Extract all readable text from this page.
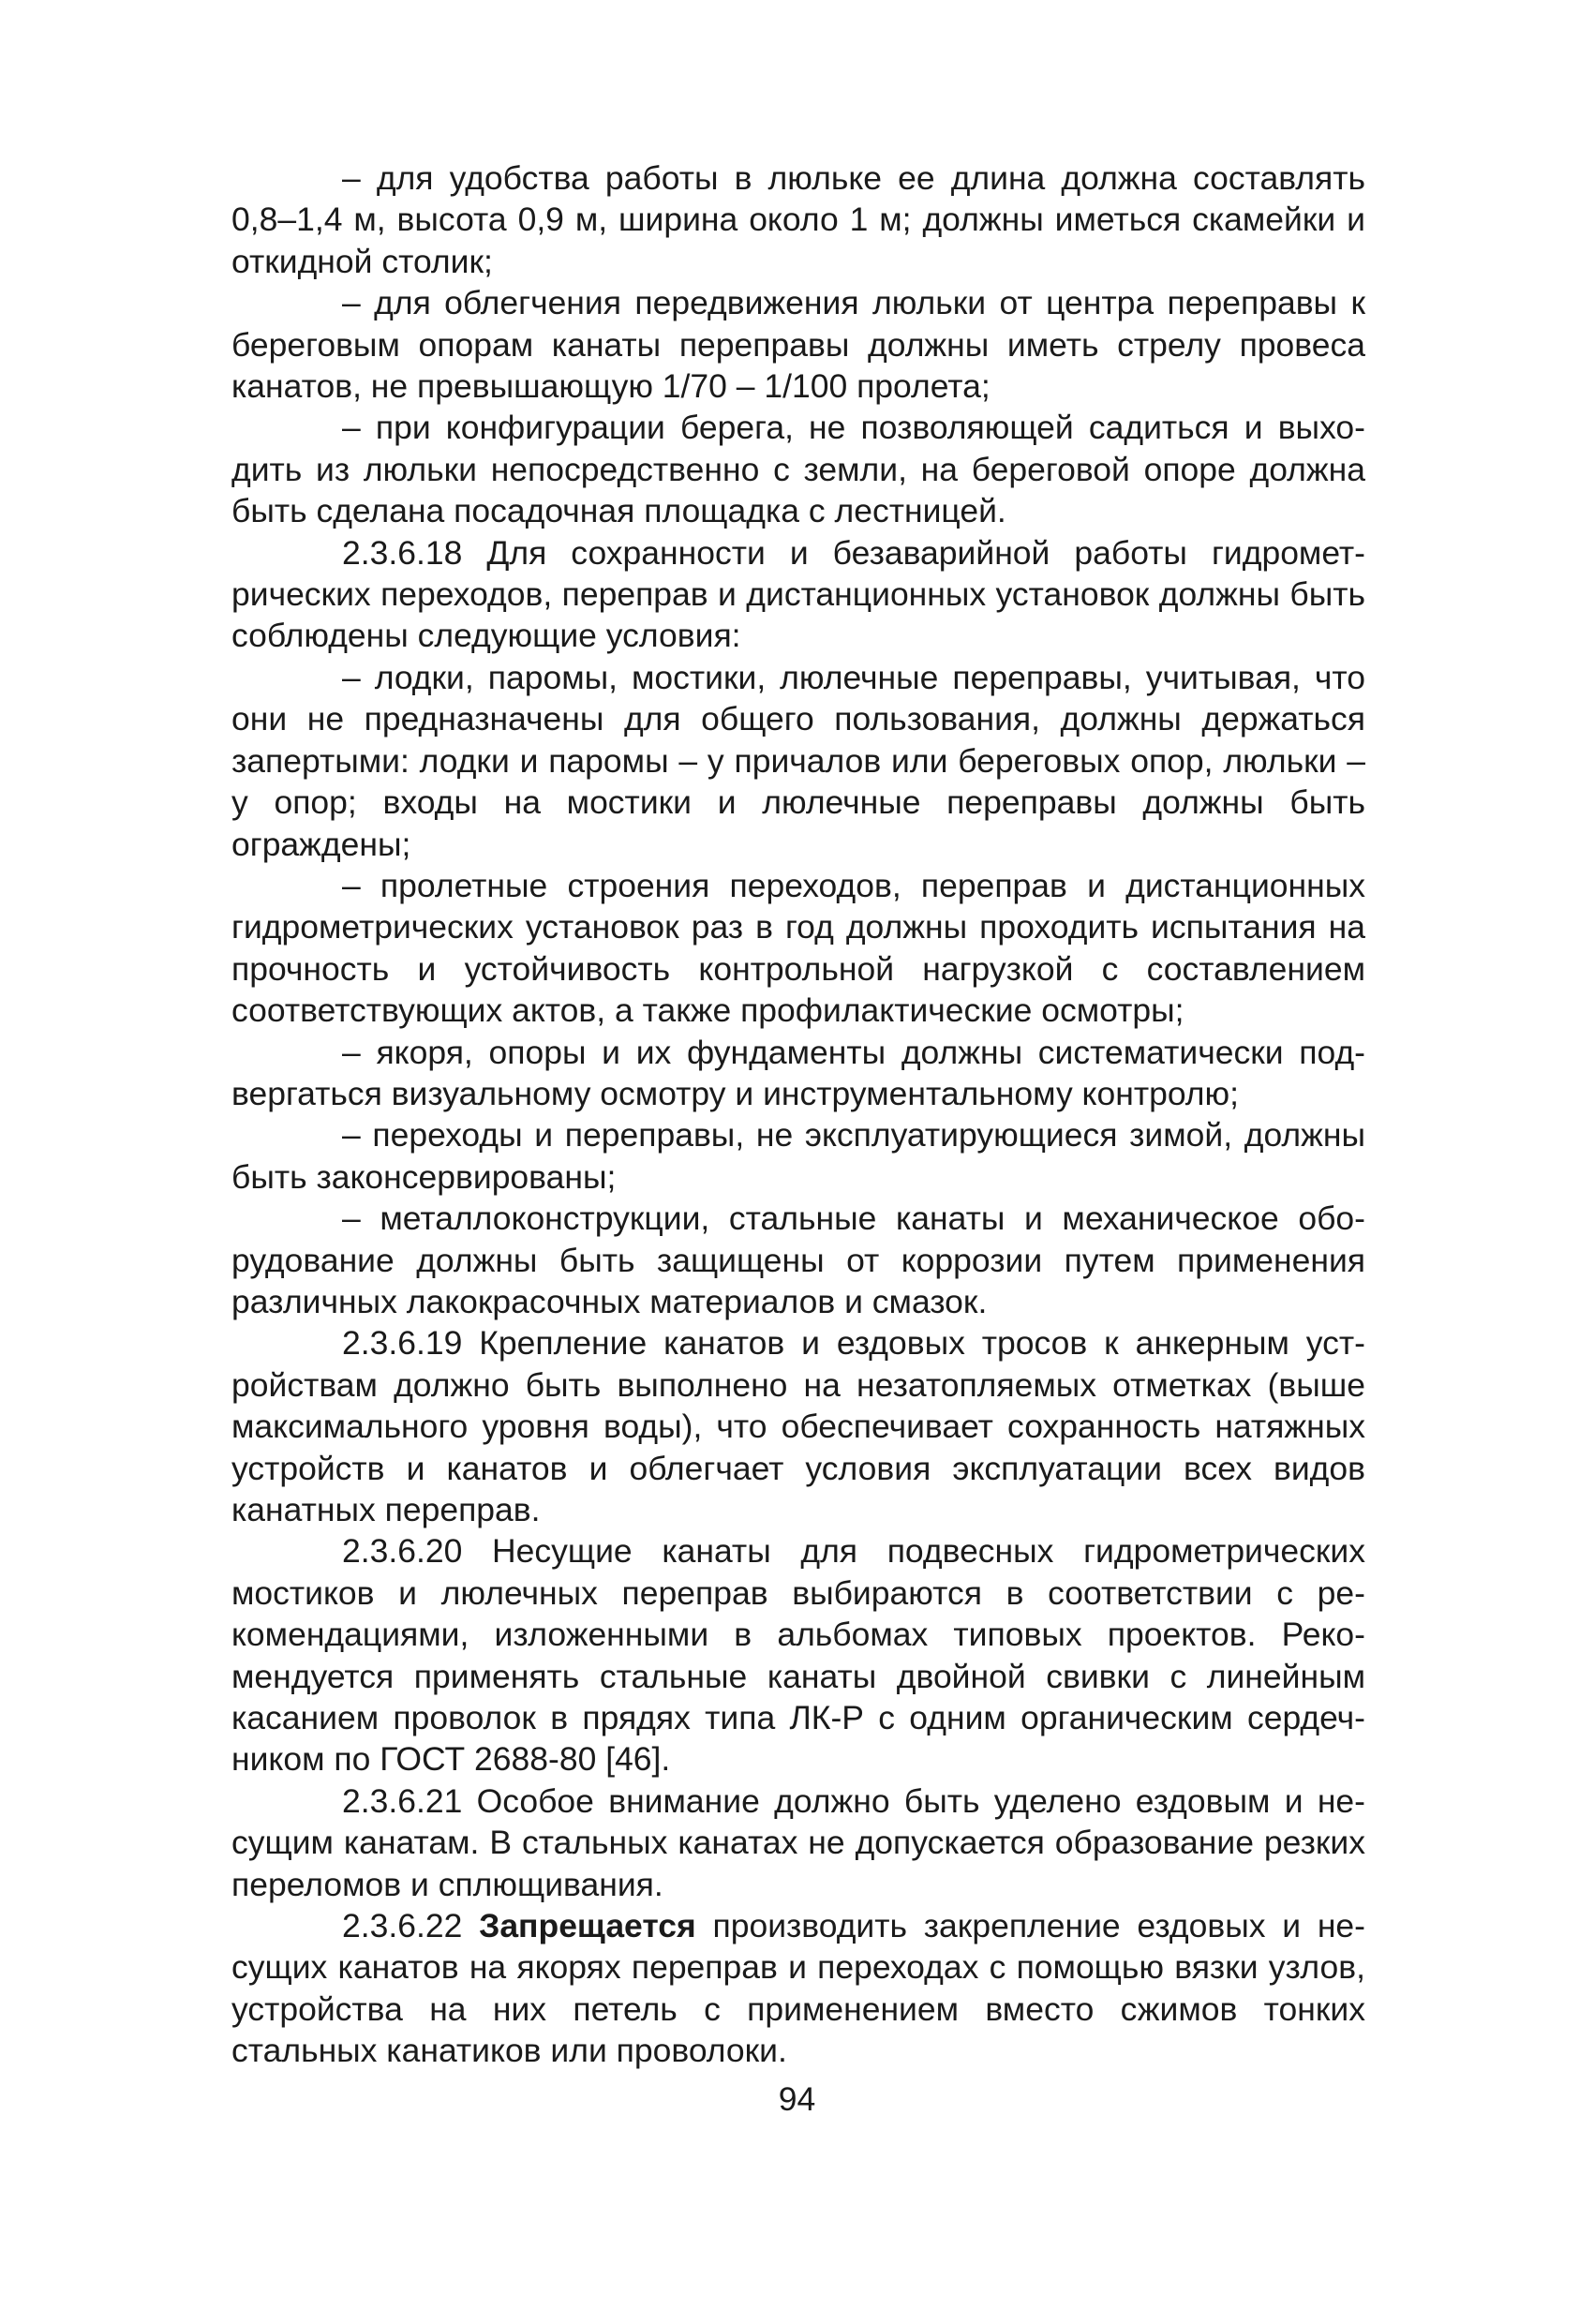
– для удобства работы в люльке ее длина должна составлять 0,8–1,4 м, высота 0,9 м, ширина около 1 м; должны иметься скамейки и откидной столик;

– для облегчения передвижения люльки от центра переправы к береговым опорам канаты переправы должны иметь стрелу провеса канатов, не превышающую 1/70 – 1/100 пролета;

– при конфигурации берега, не позволяющей садиться и выходить из люльки непосредственно с земли, на береговой опоре должна быть сделана посадочная площадка с лестницей.

2.3.6.18 Для сохранности и безаварийной работы гидрометрических переходов, переправ и дистанционных установок должны быть соблюдены следующие условия:

– лодки, паромы, мостики, люлечные переправы, учитывая, что они не предназначены для общего пользования, должны держаться запертыми: лодки и паромы – у причалов или береговых опор, люльки – у опор; входы на мостики и люлечные переправы должны быть ограждены;

– пролетные строения переходов, переправ и дистанционных гидрометрических установок раз в год должны проходить испытания на прочность и устойчивость контрольной нагрузкой с составлением соответствующих актов, а также профилактические осмотры;

– якоря, опоры и их фундаменты должны систематически подвергаться визуальному осмотру и инструментальному контролю;

– переходы и переправы, не эксплуатирующиеся зимой, должны быть законсервированы;

– металлоконструкции, стальные канаты и механическое оборудование должны быть защищены от коррозии путем применения различных лакокрасочных материалов и смазок.

2.3.6.19 Крепление канатов и ездовых тросов к анкерным устройствам должно быть выполнено на незатопляемых отметках (выше максимального уровня воды), что обеспечивает сохранность натяжных устройств и канатов и облегчает условия эксплуатации всех видов канатных переправ.

2.3.6.20 Несущие канаты для подвесных гидрометрических мостиков и люлечных переправ выбираются в соответствии с рекомендациями, изложенными в альбомах типовых проектов. Рекомендуется применять стальные канаты двойной свивки с линейным касанием проволок в прядях типа ЛК-Р с одним органическим сердечником по ГОСТ 2688-80 [46].

2.3.6.21 Особое внимание должно быть уделено ездовым и несущим канатам. В стальных канатах не допускается образование резких переломов и сплющивания.

2.3.6.22 Запрещается производить закрепление ездовых и несущих канатов на якорях переправ и переходах с помощью вязки узлов, устройства на них петель с применением вместо сжимов тонких стальных канатиков или проволоки.

94
